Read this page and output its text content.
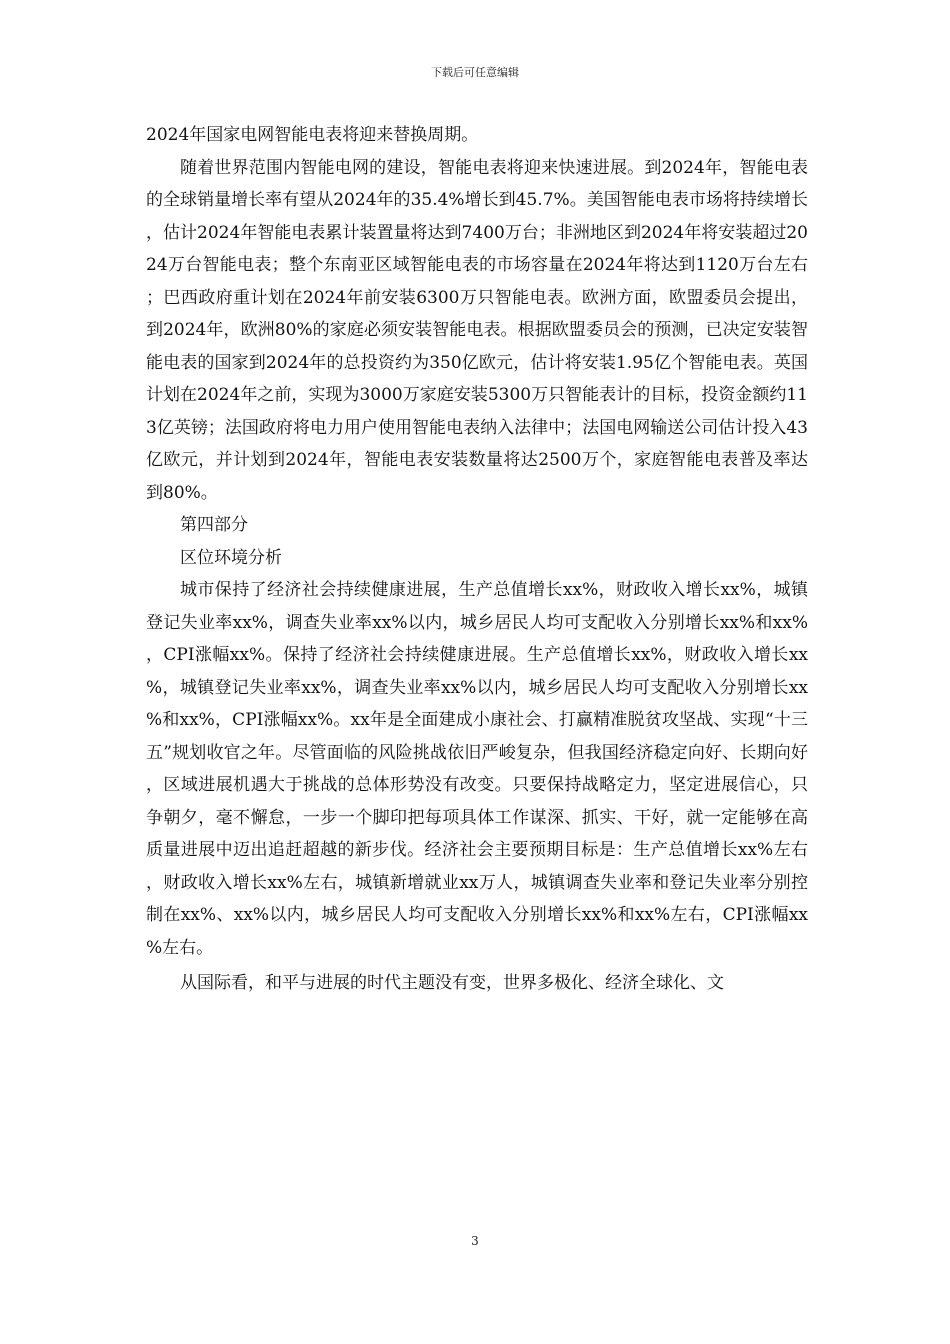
下载后可任意编辑

2024年国家电网智能电表将迎来替换周期。

随着世界范围内智能电网的建设，智能电表将迎来快速进展。到2024年，智能电表的全球销量增长率有望从2024年的35.4%增长到45.7%。美国智能电表市场将持续增长，估计2024年智能电表累计装置量将达到7400万台；非洲地区到2024年将安装超过2024万台智能电表；整个东南亚区域智能电表的市场容量在2024年将达到1120万台左右；巴西政府重计划在2024年前安装6300万只智能电表。欧洲方面，欧盟委员会提出，到2024年，欧洲80%的家庭必须安装智能电表。根据欧盟委员会的预测，已决定安装智能电表的国家到2024年的总投资约为350亿欧元，估计将安装1.95亿个智能电表。英国计划在2024年之前，实现为3000万家庭安装5300万只智能表计的目标，投资金额约113亿英镑；法国政府将电力用户使用智能电表纳入法律中；法国电网输送公司估计投入43亿欧元，并计划到2024年，智能电表安装数量将达2500万个，家庭智能电表普及率达到80%。

第四部分

区位环境分析

城市保持了经济社会持续健康进展，生产总值增长xx%，财政收入增长xx%，城镇登记失业率xx%，调查失业率xx%以内，城乡居民人均可支配收入分别增长xx%和xx%，CPI涨幅xx%。保持了经济社会持续健康进展。生产总值增长xx%，财政收入增长xx%，城镇登记失业率xx%，调查失业率xx%以内，城乡居民人均可支配收入分别增长xx%和xx%，CPI涨幅xx%。xx年是全面建成小康社会、打赢精准脱贫攻坚战、实现“十三五”规划收官之年。尽管面临的风险挑战依旧严峻复杂，但我国经济稳定向好、长期向好，区域进展机遇大于挑战的总体形势没有改变。只要保持战略定力，坚定进展信心，只争朝夕，毫不懈怠，一步一个脚印把每项具体工作谋深、抓实、干好，就一定能够在高质量进展中迈出追赶超越的新步伐。经济社会主要预期目标是：生产总值增长xx%左右，财政收入增长xx%左右，城镇新增就业xx万人，城镇调查失业率和登记失业率分别控制在xx%、xx%以内，城乡居民人均可支配收入分别增长xx%和xx%左右，CPI涨幅xx%左右。

从国际看，和平与进展的时代主题没有变，世界多极化、经济全球化、文

3
